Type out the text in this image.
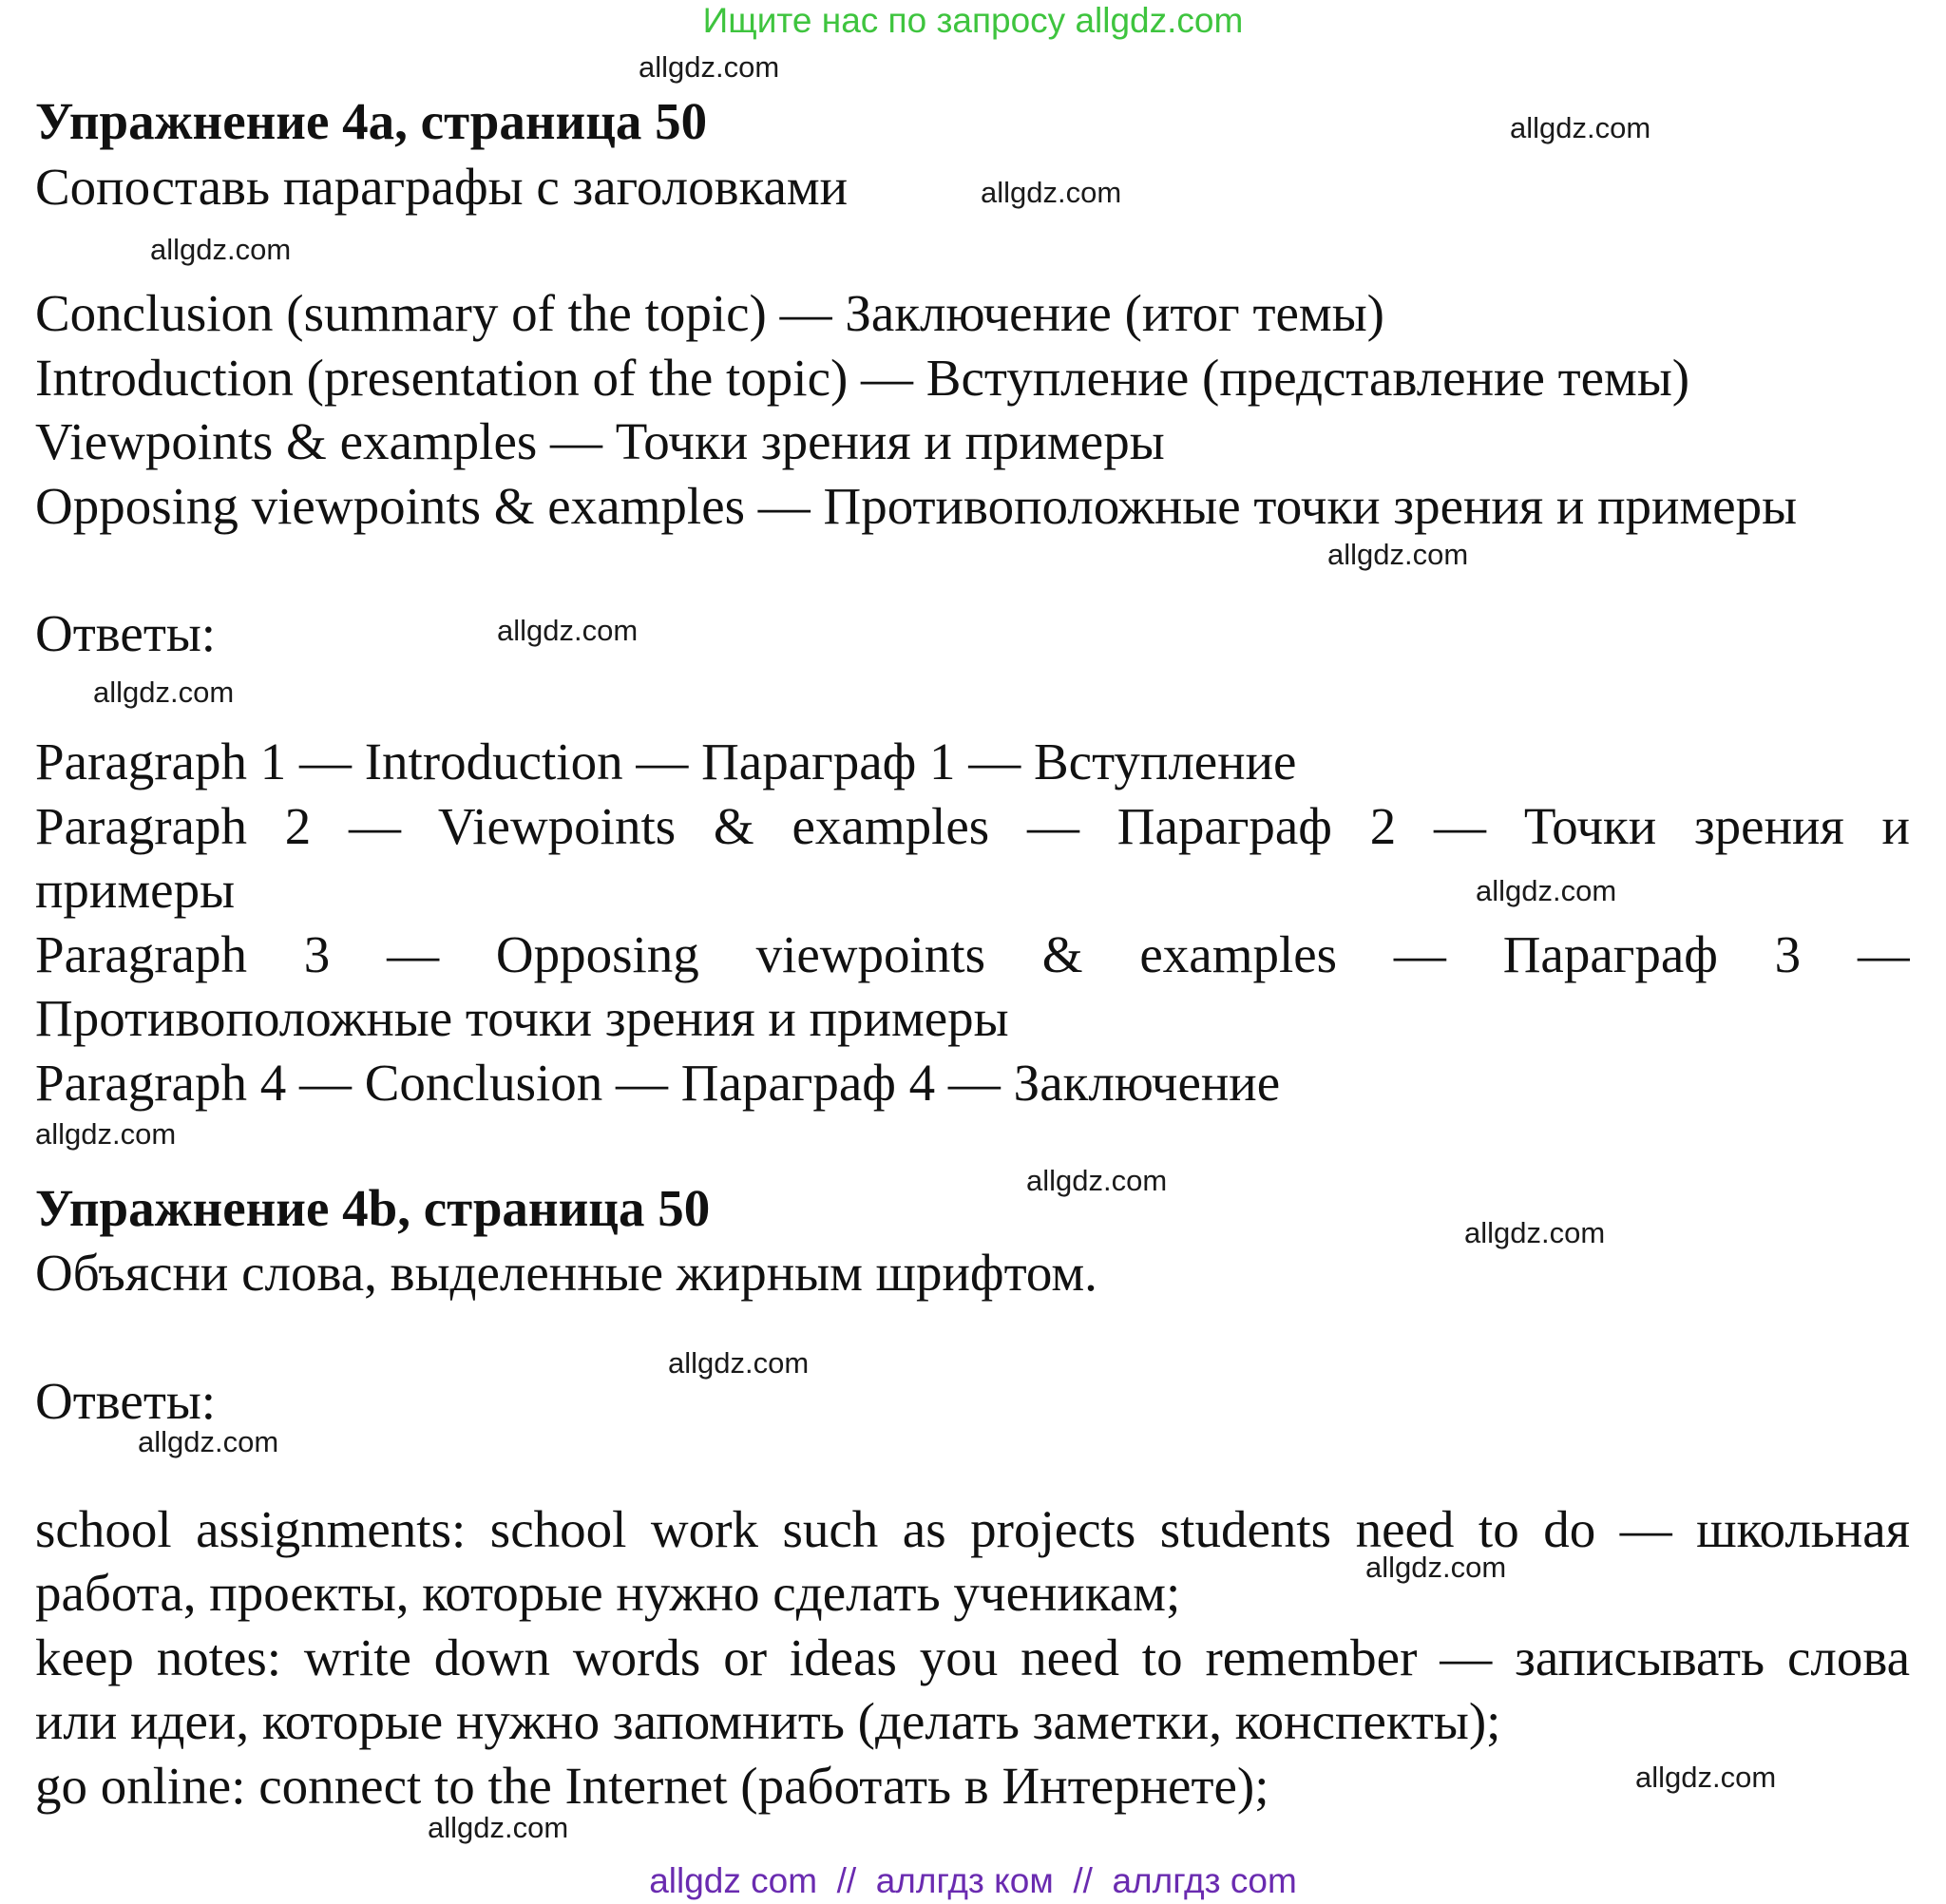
Ищите нас по запросу allgdz.com
allgdz.com
allgdz.com
allgdz.com
allgdz.com
allgdz.com
allgdz.com
allgdz.com
allgdz.com
allgdz.com
allgdz.com
allgdz.com
allgdz.com
allgdz.com
allgdz.com
allgdz.com
allgdz.com
Упражнение 4a, страница 50
Сопоставь параграфы с заголовками
Conclusion (summary of the topic) — Заключение (итог темы)
Introduction (presentation of the topic) — Вступление (представление темы)
Viewpoints & examples — Точки зрения и примеры
Opposing viewpoints & examples — Противоположные точки зрения и примеры
Ответы:
Paragraph 1 — Introduction — Параграф 1 — Вступление
Paragraph 2 — Viewpoints & examples — Параграф 2 — Точки зрения и
примеры
Paragraph 3 — Opposing viewpoints & examples — Параграф 3 —
Противоположные точки зрения и примеры
Paragraph 4 — Conclusion — Параграф 4 — Заключение
Упражнение 4b, страница 50
Объясни слова, выделенные жирным шрифтом.
Ответы:
school assignments: school work such as projects students need to do — школьная
работа, проекты, которые нужно сделать ученикам;
keep notes: write down words or ideas you need to remember — записывать слова
или идеи, которые нужно запомнить (делать заметки, конспекты);
go online: connect to the Internet (работать в Интернете);
allgdz com  //  аллгдз ком  //  аллгдз com
